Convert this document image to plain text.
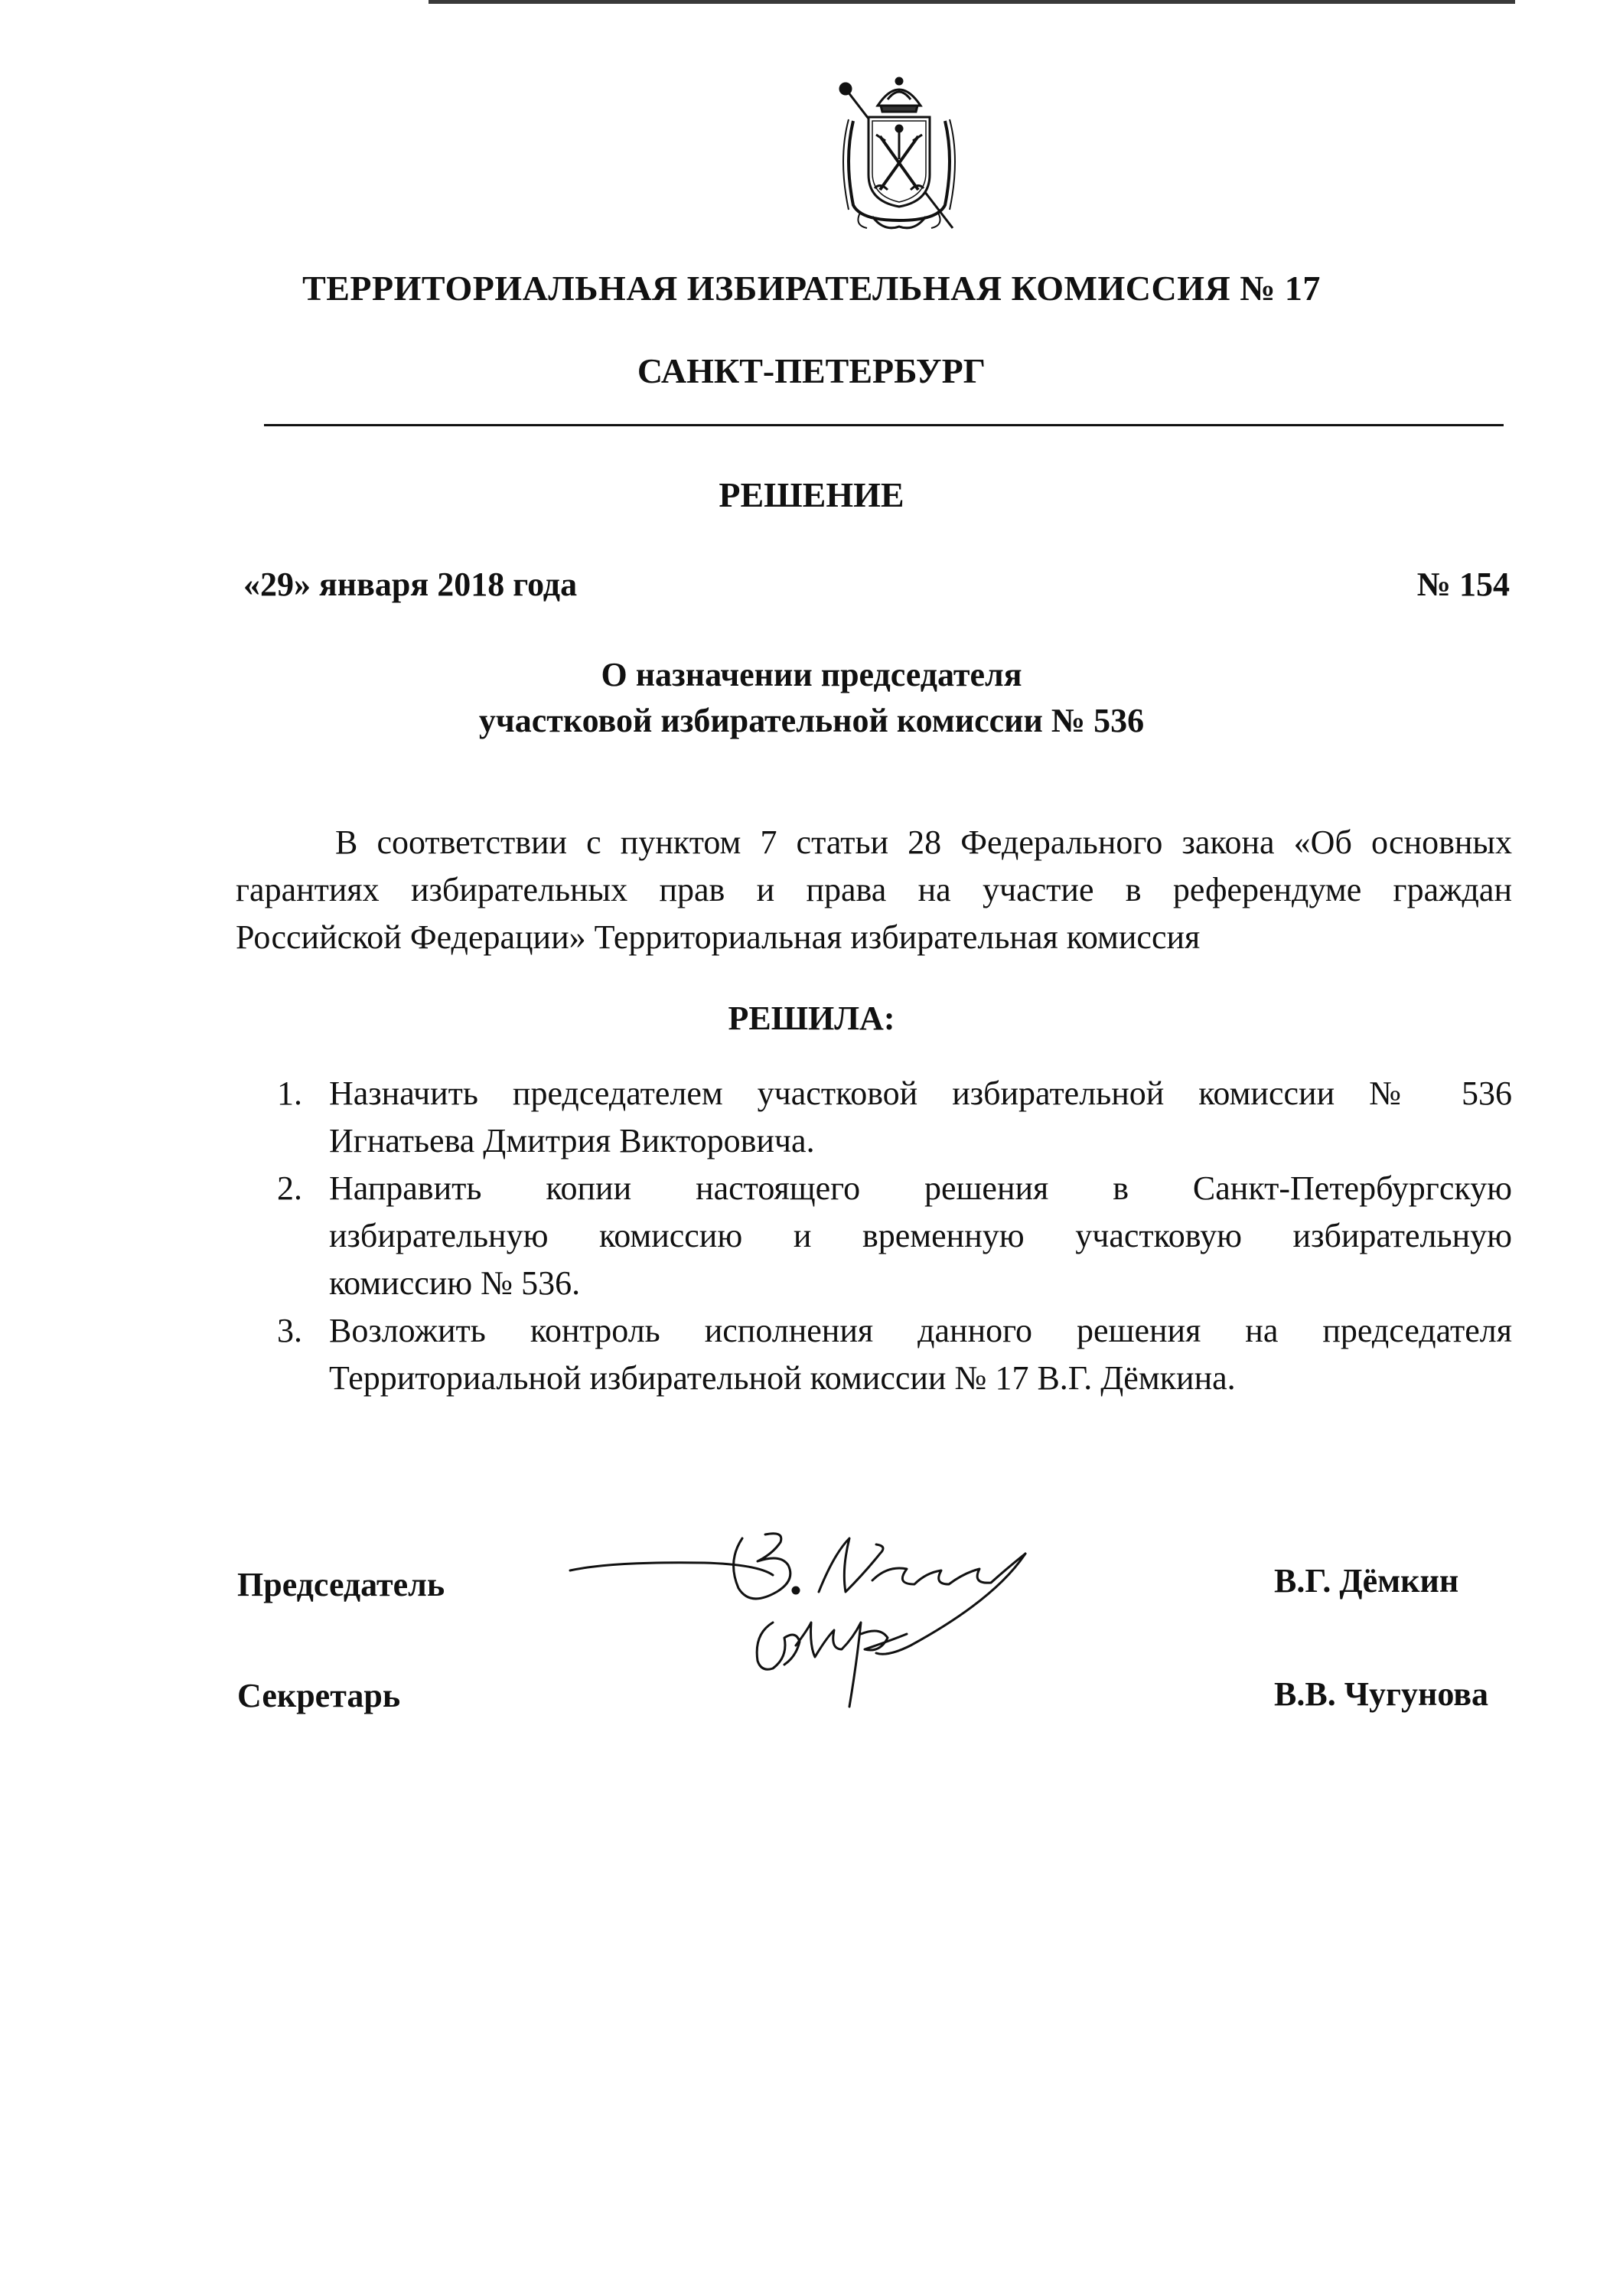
ТЕРРИТОРИАЛЬНАЯ ИЗБИРАТЕЛЬНАЯ КОМИССИЯ № 17
САНКТ-ПЕТЕРБУРГ
РЕШЕНИЕ
«29» января 2018 года	№ 154
О назначении председателя
участковой избирательной комиссии № 536
В соответствии с пунктом 7 статьи 28 Федерального закона «Об основных
гарантиях избирательных прав и права на участие в референдуме граждан
Российской Федерации» Территориальная избирательная комиссия
РЕШИЛА:
1. Назначить председателем участковой избирательной комиссии № 536
Игнатьева Дмитрия Викторовича.
2. Направить копии настоящего решения в Санкт-Петербургскую
избирательную комиссию и временную участковую избирательную
комиссию № 536.
3. Возложить контроль исполнения данного решения на председателя
Территориальной избирательной комиссии № 17 В.Г. Дёмкина.
Председатель	В.Г. Дёмкин
Секретарь	В.В. Чугунова
